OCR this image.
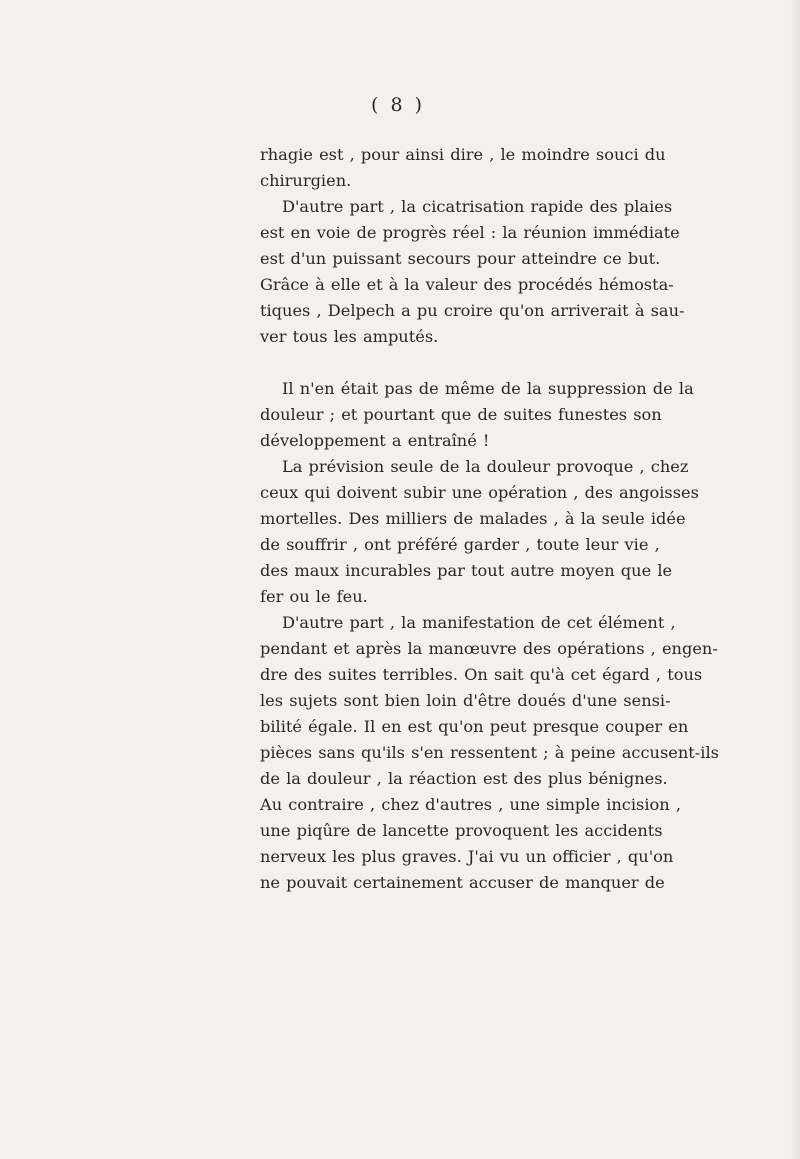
( 8 )

rhagie est , pour ainsi dire , le moindre souci du
chirurgien.

D'autre part , la cicatrisation rapide des plaies
est en voie de progrès réel : la réunion immédiate
est d'un puissant secours pour atteindre ce but.
Grâce à elle et à la valeur des procédés hémosta-
tiques , Delpech a pu croire qu'on arriverait à sau-
ver tous les amputés.

Il n'en était pas de même de la suppression de la
douleur ; et pourtant que de suites funestes son
développement a entraîné !

La prévision seule de la douleur provoque , chez
ceux qui doivent subir une opération , des angoisses
mortelles. Des milliers de malades , à la seule idée
de souffrir , ont préféré garder , toute leur vie ,
des maux incurables par tout autre moyen que le
fer ou le feu.

D'autre part , la manifestation de cet élément ,
pendant et après la manœuvre des opérations , engen-
dre des suites terribles. On sait qu'à cet égard , tous
les sujets sont bien loin d'être doués d'une sensi-
bilité égale. Il en est qu'on peut presque couper en
pièces sans qu'ils s'en ressentent ; à peine accusent-ils
de la douleur , la réaction est des plus bénignes.
Au contraire , chez d'autres , une simple incision ,
une piqûre de lancette provoquent les accidents
nerveux les plus graves. J'ai vu un officier , qu'on
ne pouvait certainement accuser de manquer de
